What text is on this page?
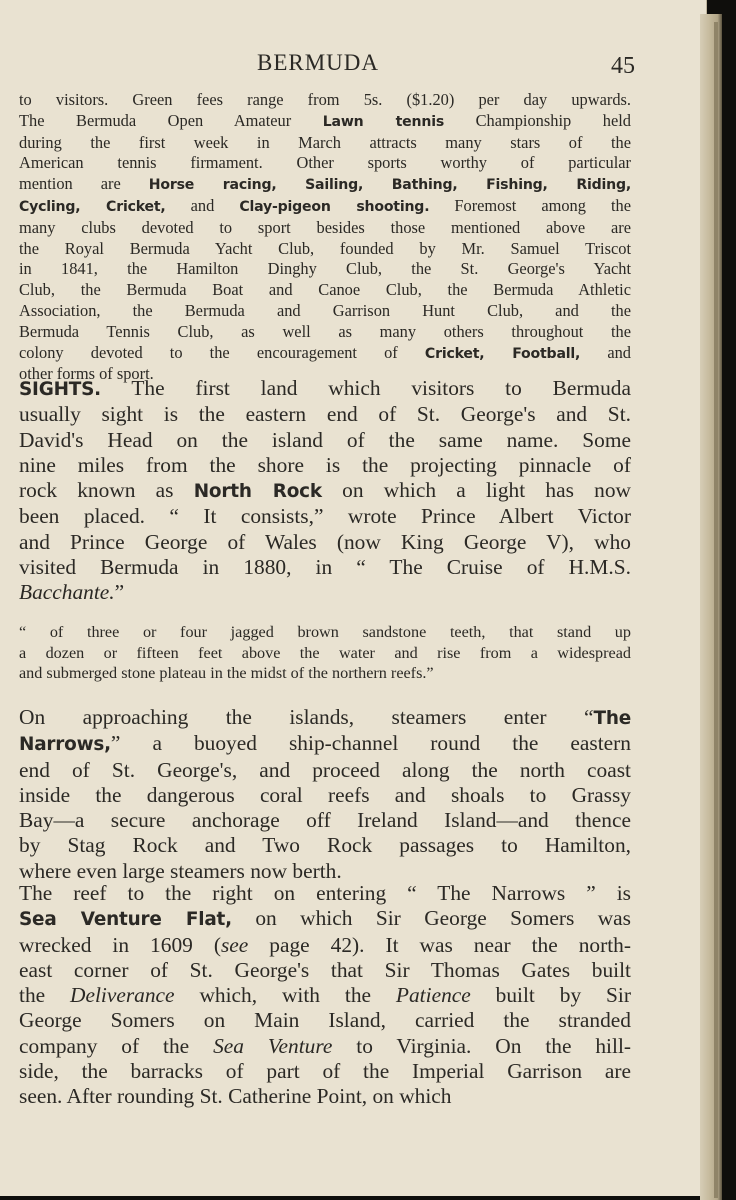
BERMUDA	45
to visitors. Green fees range from 5s. ($1.20) per day upwards.
The Bermuda Open Amateur Lawn tennis Championship held
during the first week in March attracts many stars of the
American tennis firmament. Other sports worthy of particular
mention are Horse racing, Sailing, Bathing, Fishing, Riding,
Cycling, Cricket, and Clay-pigeon shooting. Foremost among the
many clubs devoted to sport besides those mentioned above are
the Royal Bermuda Yacht Club, founded by Mr. Samuel Triscot
in 1841, the Hamilton Dinghy Club, the St. George's Yacht
Club, the Bermuda Boat and Canoe Club, the Bermuda Athletic
Association, the Bermuda and Garrison Hunt Club, and the
Bermuda Tennis Club, as well as many others throughout the
colony devoted to the encouragement of Cricket, Football, and
other forms of sport.
SIGHTS. The first land which visitors to Bermuda
usually sight is the eastern end of St. George's and St.
David's Head on the island of the same name. Some
nine miles from the shore is the projecting pinnacle of
rock known as North Rock on which a light has now
been placed. “ It consists,” wrote Prince Albert Victor
and Prince George of Wales (now King George V), who
visited Bermuda in 1880, in “ The Cruise of H.M.S.
Bacchante.”
“ of three or four jagged brown sandstone teeth, that stand up
a dozen or fifteen feet above the water and rise from a widespread
and submerged stone plateau in the midst of the northern reefs.”
On approaching the islands, steamers enter “The
Narrows,” a buoyed ship-channel round the eastern
end of St. George's, and proceed along the north coast
inside the dangerous coral reefs and shoals to Grassy
Bay—a secure anchorage off Ireland Island—and thence
by Stag Rock and Two Rock passages to Hamilton,
where even large steamers now berth.
The reef to the right on entering “ The Narrows ” is
Sea Venture Flat, on which Sir George Somers was
wrecked in 1609 (see page 42). It was near the north-
east corner of St. George's that Sir Thomas Gates built
the Deliverance which, with the Patience built by Sir
George Somers on Main Island, carried the stranded
company of the Sea Venture to Virginia. On the hill-
side, the barracks of part of the Imperial Garrison are
seen. After rounding St. Catherine Point, on which
